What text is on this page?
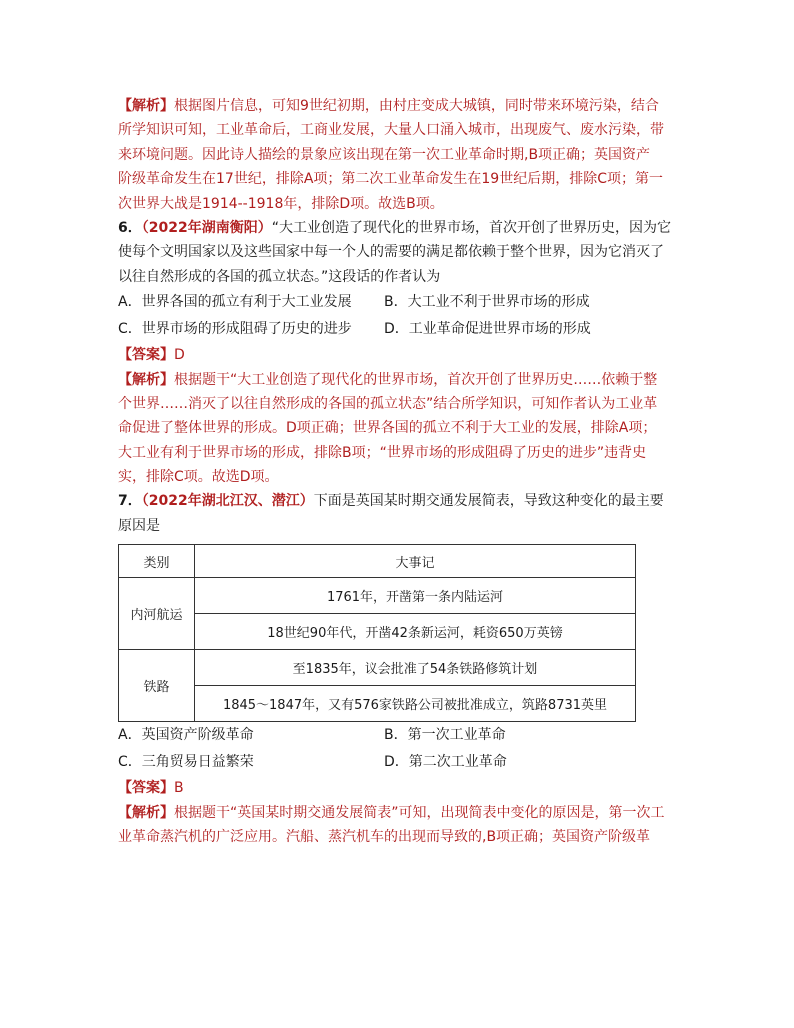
【解析】根据图片信息，可知9世纪初期，由村庄变成大城镇，同时带来环境污染，结合
所学知识可知，工业革命后，工商业发展，大量人口涌入城市，出现废气、废水污染，带
来环境问题。因此诗人描绘的景象应该出现在第一次工业革命时期,B项正确；英国资产
阶级革命发生在17世纪，排除A项；第二次工业革命发生在19世纪后期，排除C项；第一
次世界大战是1914--1918年，排除D项。故选B项。
6．（2022年湖南衡阳）“大工业创造了现代化的世界市场，首次开创了世界历史，因为它
使每个文明国家以及这些国家中每一个人的需要的满足都依赖于整个世界，因为它消灭了
以往自然形成的各国的孤立状态。”这段话的作者认为
A．世界各国的孤立有利于大工业发展	B．大工业不利于世界市场的形成
C．世界市场的形成阻碍了历史的进步	D．工业革命促进世界市场的形成
【答案】D
【解析】根据题干“大工业创造了现代化的世界市场，首次开创了世界历史……依赖于整
个世界……消灭了以往自然形成的各国的孤立状态”结合所学知识，可知作者认为工业革
命促进了整体世界的形成。D项正确；世界各国的孤立不利于大工业的发展，排除A项；
大工业有利于世界市场的形成，排除B项；“世界市场的形成阻碍了历史的进步”违背史
实，排除C项。故选D项。
7．（2022年湖北江汉、潜江）下面是英国某时期交通发展简表，导致这种变化的最主要
原因是
类别	大事记
内河航运	1761年，开凿第一条内陆运河
	18世纪90年代，开凿42条新运河，耗资650万英镑
铁路	至1835年，议会批准了54条铁路修筑计划
	1845～1847年，又有576家铁路公司被批准成立，筑路8731英里
A．英国资产阶级革命	B．第一次工业革命
C．三角贸易日益繁荣	D．第二次工业革命
【答案】B
【解析】根据题干“英国某时期交通发展简表”可知，出现简表中变化的原因是，第一次工
业革命蒸汽机的广泛应用。汽船、蒸汽机车的出现而导致的,B项正确；英国资产阶级革
